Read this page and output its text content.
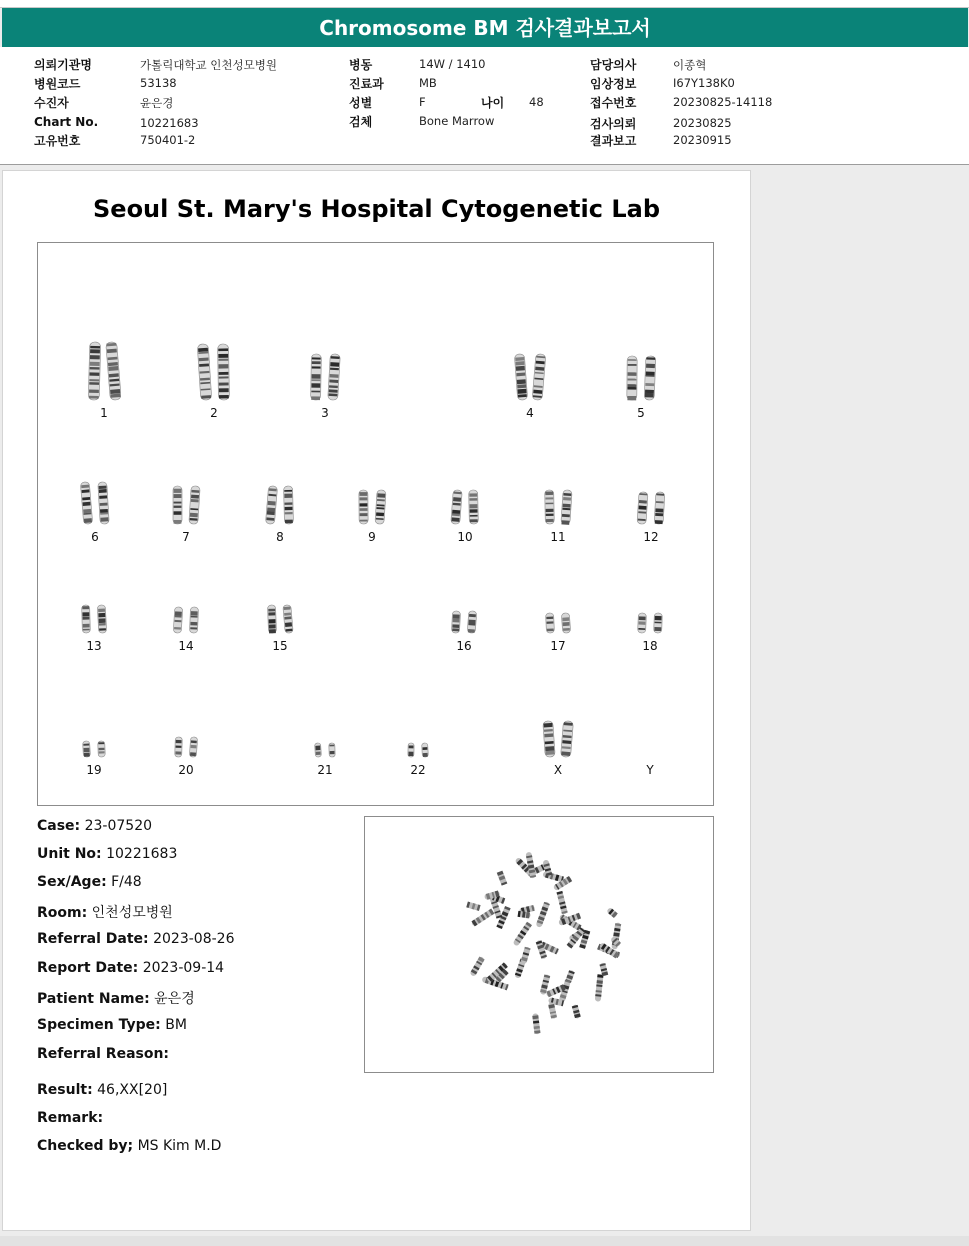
Chromosome BM 검사결과보고서
의뢰기관명	가톨릭대학교 인천성모병원
병원코드	53138
수진자	윤은경
Chart No.	10221683
고유번호	750401-2
병동	14W / 1410
진료과	MB
성별	F	나이 48
검체	Bone Marrow
담당의사	이종혁
임상정보	I67Y138K0
접수번호	20230825-14118
검사의뢰	20230825
결과보고	20230915
Seoul St. Mary's Hospital Cytogenetic Lab
1	2	3	4	5
6	7	8	9	10	11	12
13	14	15	16	17	18
19	20	21	22	X	Y
Case: 23-07520
Unit No: 10221683
Sex/Age: F/48
Room: 인천성모병원
Referral Date: 2023-08-26
Report Date: 2023-09-14
Patient Name: 윤은경
Specimen Type: BM
Referral Reason:
Result: 46,XX[20]
Remark:
Checked by; MS Kim M.D
